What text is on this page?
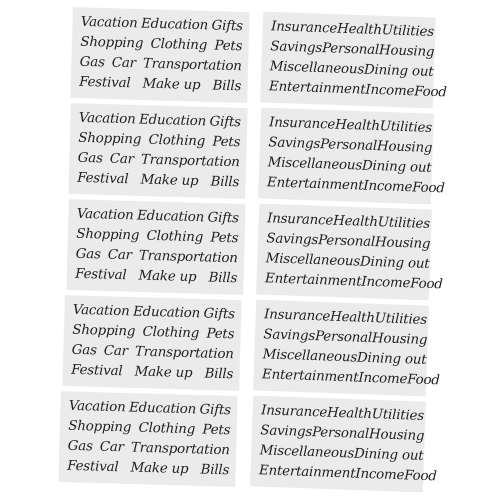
Vacation Education Gifts
Shopping Clothing Pets
Gas Car Transportation
Festival Make up Bills
Insurance Health Utilities
Savings Personal Housing
Miscellaneous Dining out
Entertainment Income Food
Vacation Education Gifts
Shopping Clothing Pets
Gas Car Transportation
Festival Make up Bills
Insurance Health Utilities
Savings Personal Housing
Miscellaneous Dining out
Entertainment Income Food
Vacation Education Gifts
Shopping Clothing Pets
Gas Car Transportation
Festival Make up Bills
Insurance Health Utilities
Savings Personal Housing
Miscellaneous Dining out
Entertainment Income Food
Vacation Education Gifts
Shopping Clothing Pets
Gas Car Transportation
Festival Make up Bills
Insurance Health Utilities
Savings Personal Housing
Miscellaneous Dining out
Entertainment Income Food
Vacation Education Gifts
Shopping Clothing Pets
Gas Car Transportation
Festival Make up Bills
Insurance Health Utilities
Savings Personal Housing
Miscellaneous Dining out
Entertainment Income Food
